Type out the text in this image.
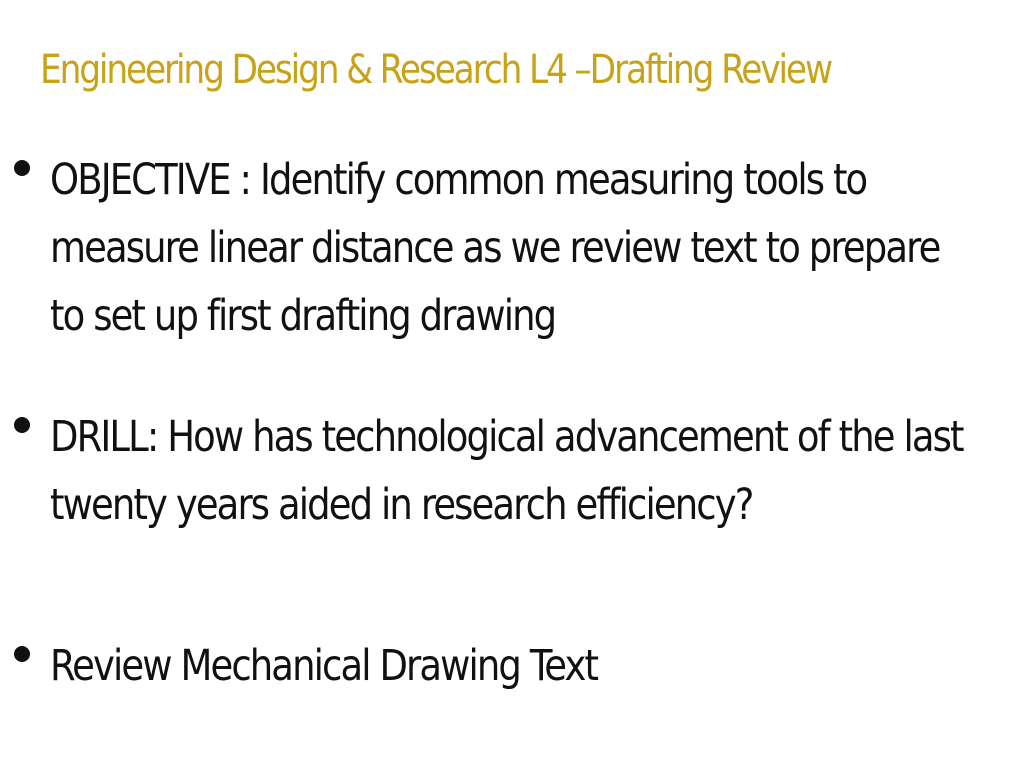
Engineering Design & Research L4 –Drafting Review
OBJECTIVE : Identify common measuring tools to
measure linear distance as we review text to prepare
to set up first drafting drawing
DRILL: How has technological advancement of the last
twenty years aided in research efficiency?
Review Mechanical Drawing Text
